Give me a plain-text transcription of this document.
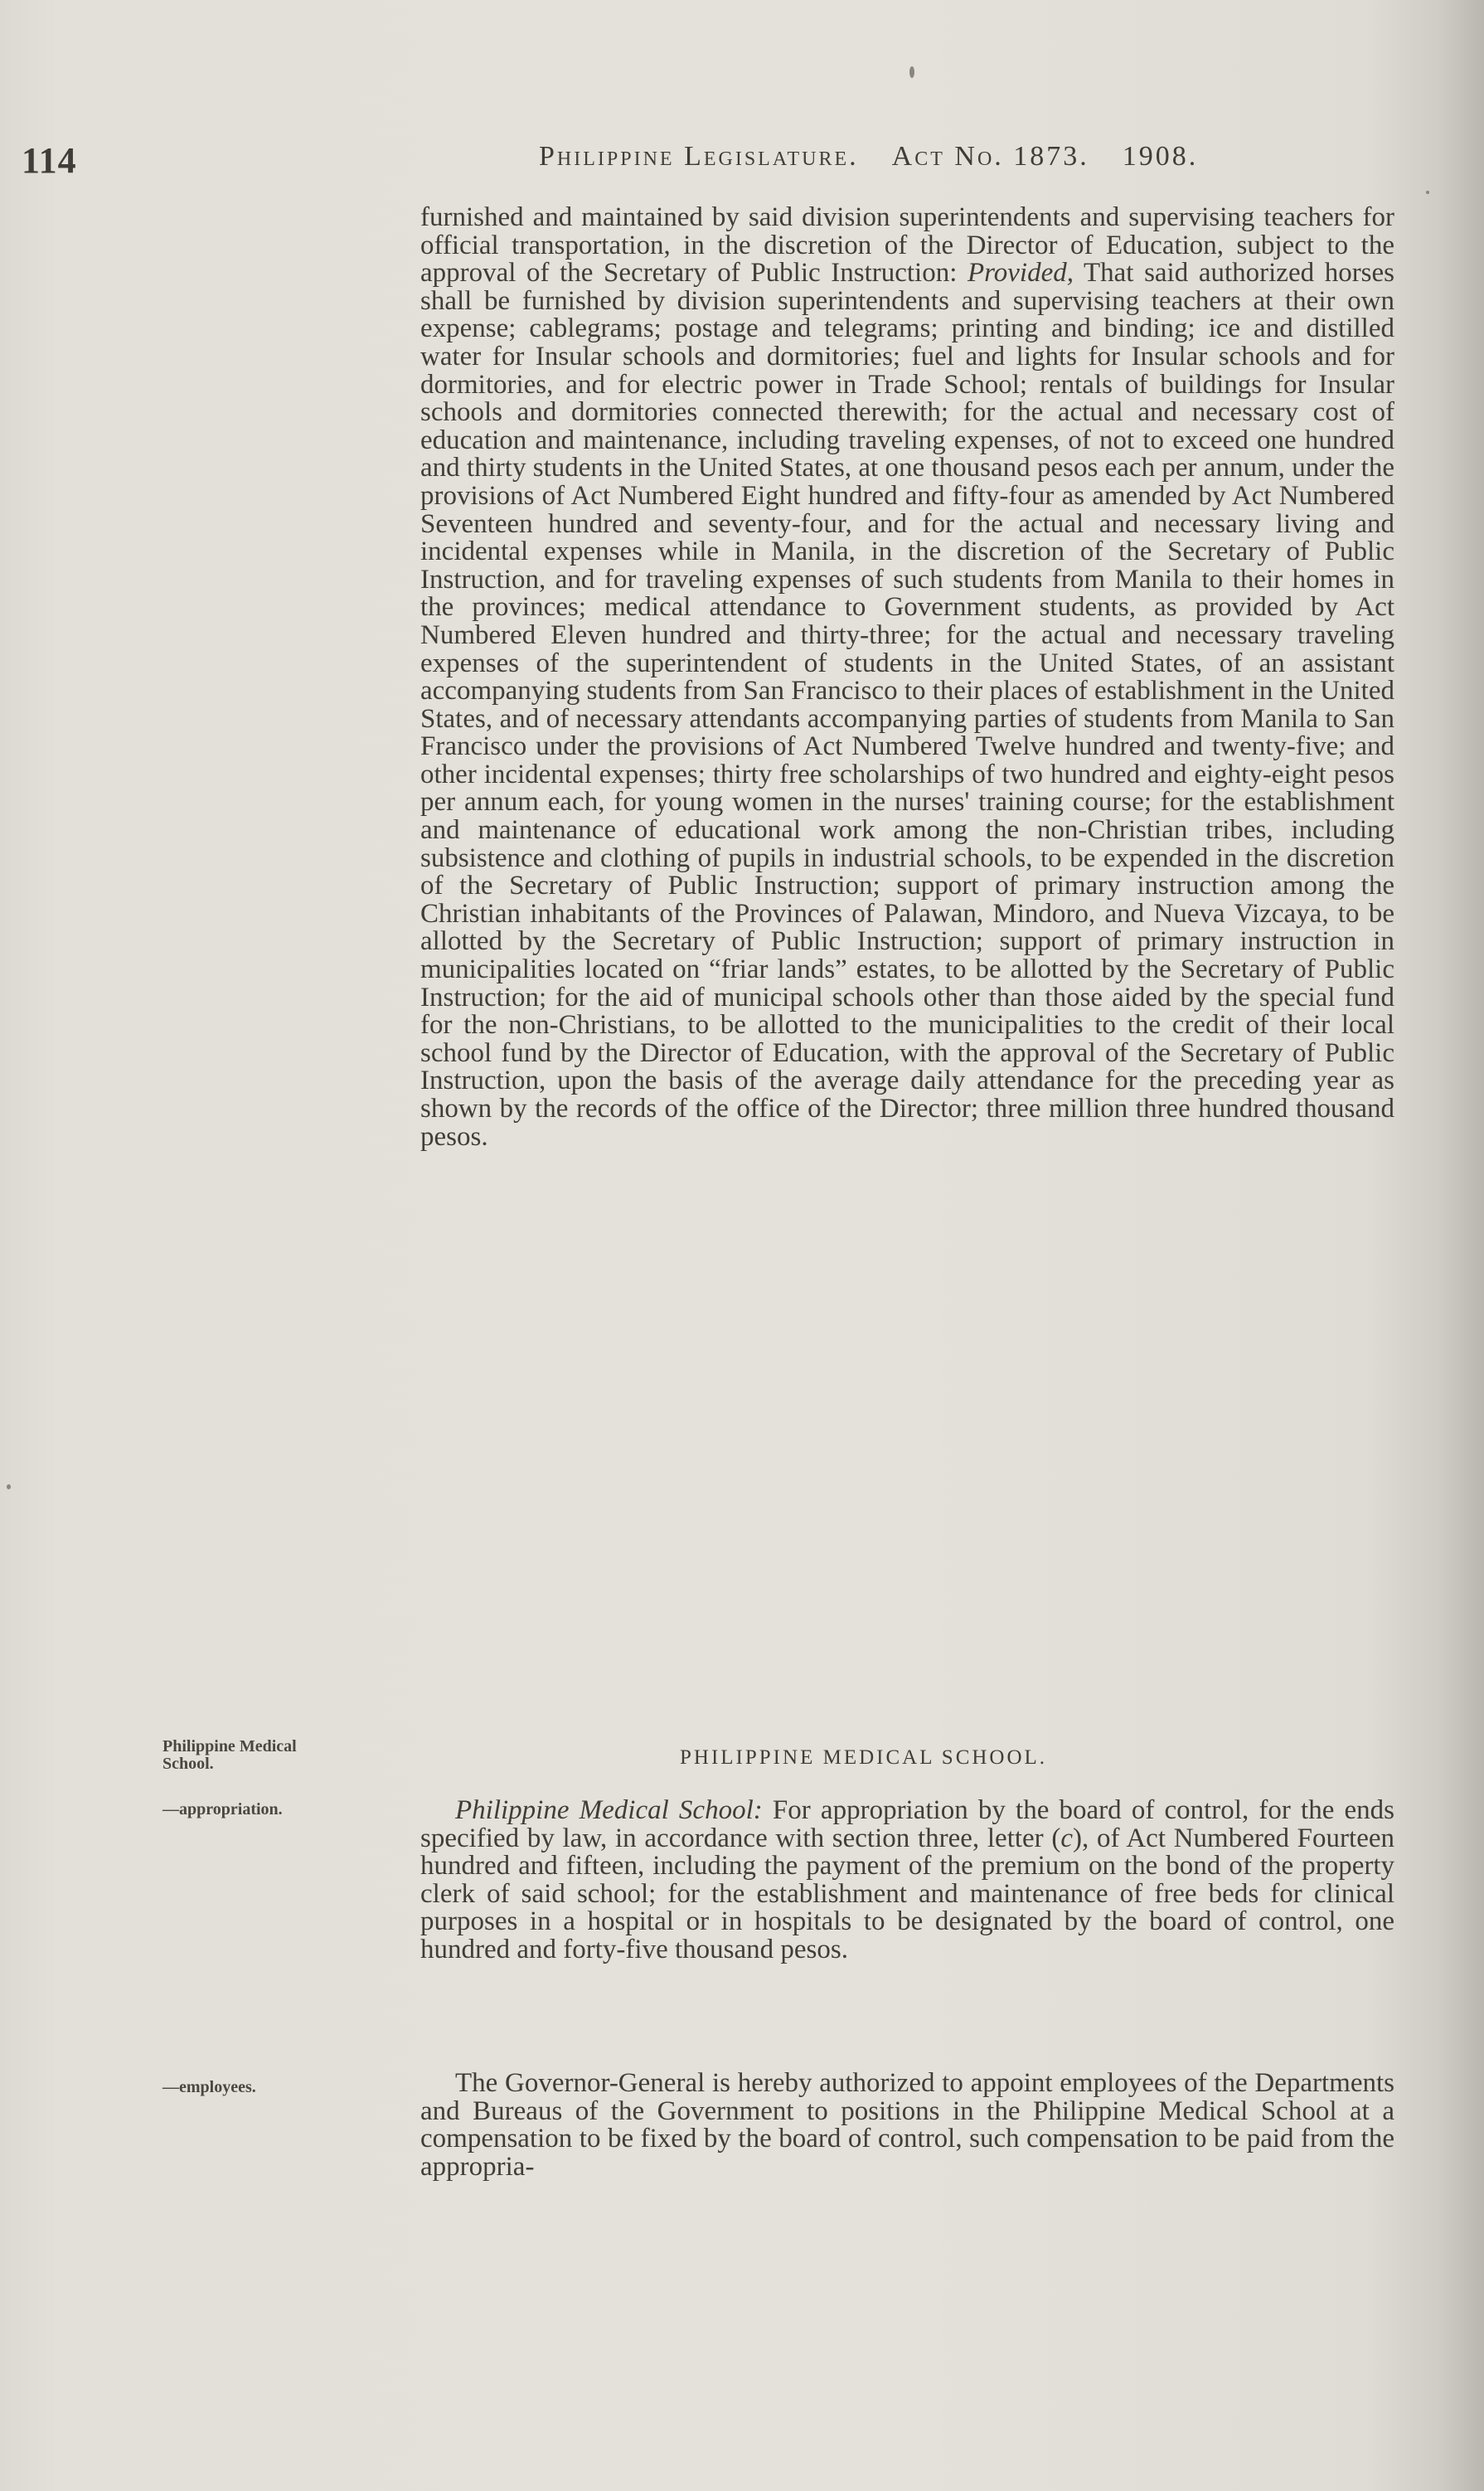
114	Philippine Legislature. Act No. 1873. 1908.

furnished and maintained by said division superintendents and supervising teachers for official transportation, in the discretion of the Director of Education, subject to the approval of the Secretary of Public Instruction: Provided, That said authorized horses shall be furnished by division superintendents and supervising teachers at their own expense; cablegrams; postage and telegrams; printing and binding; ice and distilled water for Insular schools and dormitories; fuel and lights for Insular schools and for dormitories, and for electric power in Trade School; rentals of buildings for Insular schools and dormitories connected therewith; for the actual and necessary cost of education and maintenance, including traveling expenses, of not to exceed one hundred and thirty students in the United States, at one thousand pesos each per annum, under the provisions of Act Numbered Eight hundred and fifty-four as amended by Act Numbered Seventeen hundred and seventy-four, and for the actual and necessary living and incidental expenses while in Manila, in the discretion of the Secretary of Public Instruction, and for traveling expenses of such students from Manila to their homes in the provinces; medical attendance to Government students, as provided by Act Numbered Eleven hundred and thirty-three; for the actual and necessary traveling expenses of the superintendent of students in the United States, of an assistant accompanying students from San Francisco to their places of establishment in the United States, and of necessary attendants accompanying parties of students from Manila to San Francisco under the provisions of Act Numbered Twelve hundred and twenty-five; and other incidental expenses; thirty free scholarships of two hundred and eighty-eight pesos per annum each, for young women in the nurses' training course; for the establishment and maintenance of educational work among the non-Christian tribes, including subsistence and clothing of pupils in industrial schools, to be expended in the discretion of the Secretary of Public Instruction; support of primary instruction among the Christian inhabitants of the Provinces of Palawan, Mindoro, and Nueva Vizcaya, to be allotted by the Secretary of Public Instruction; support of primary instruction in municipalities located on “friar lands” estates, to be allotted by the Secretary of Public Instruction; for the aid of municipal schools other than those aided by the special fund for the non-Christians, to be allotted to the municipalities to the credit of their local school fund by the Director of Education, with the approval of the Secretary of Public Instruction, upon the basis of the average daily attendance for the preceding year as shown by the records of the office of the Director; three million three hundred thousand pesos.

Philippine Medical
School.	PHILIPPINE MEDICAL SCHOOL.
—appropriation.	Philippine Medical School: For appropriation by the board of control, for the ends specified by law, in accordance with section three, letter (c), of Act Numbered Fourteen hundred and fifteen, including the payment of the premium on the bond of the property clerk of said school; for the establishment and maintenance of free beds for clinical purposes in a hospital or in hospitals to be designated by the board of control, one hundred and forty-five thousand pesos.

—employees.	The Governor-General is hereby authorized to appoint employees of the Departments and Bureaus of the Government to positions in the Philippine Medical School at a compensation to be fixed by the board of control, such compensation to be paid from the appropria-
